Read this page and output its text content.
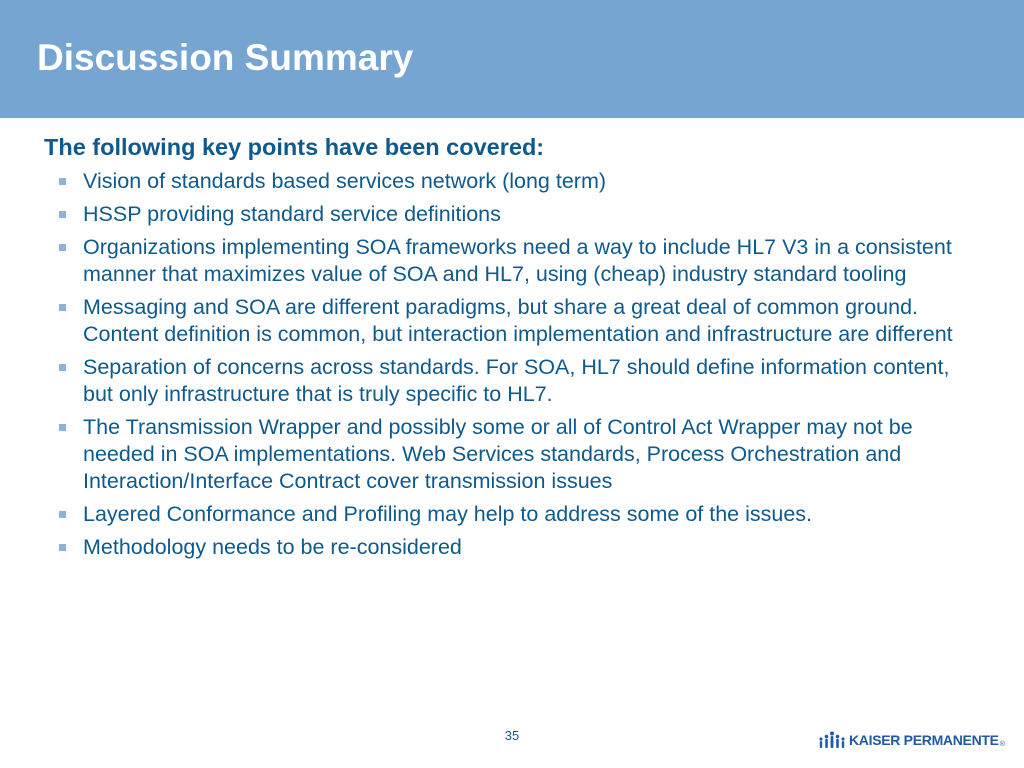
Discussion Summary

The following key points have been covered:

Vision of standards based services network (long term)
HSSP providing standard service definitions
Organizations implementing SOA frameworks need a way to include HL7 V3 in a consistent manner that maximizes value of SOA and HL7, using (cheap) industry standard tooling
Messaging and SOA are different paradigms, but share a great deal of common ground. Content definition is common, but interaction implementation and infrastructure are different
Separation of concerns across standards. For SOA, HL7 should define information content, but only infrastructure that is truly specific to HL7.
The Transmission Wrapper and possibly some or all of Control Act Wrapper may not be needed in SOA implementations. Web Services standards, Process Orchestration and Interaction/Interface Contract cover transmission issues
Layered Conformance and Profiling may help to address some of the issues.
Methodology needs to be re-considered
35	KAISER PERMANENTE ®
